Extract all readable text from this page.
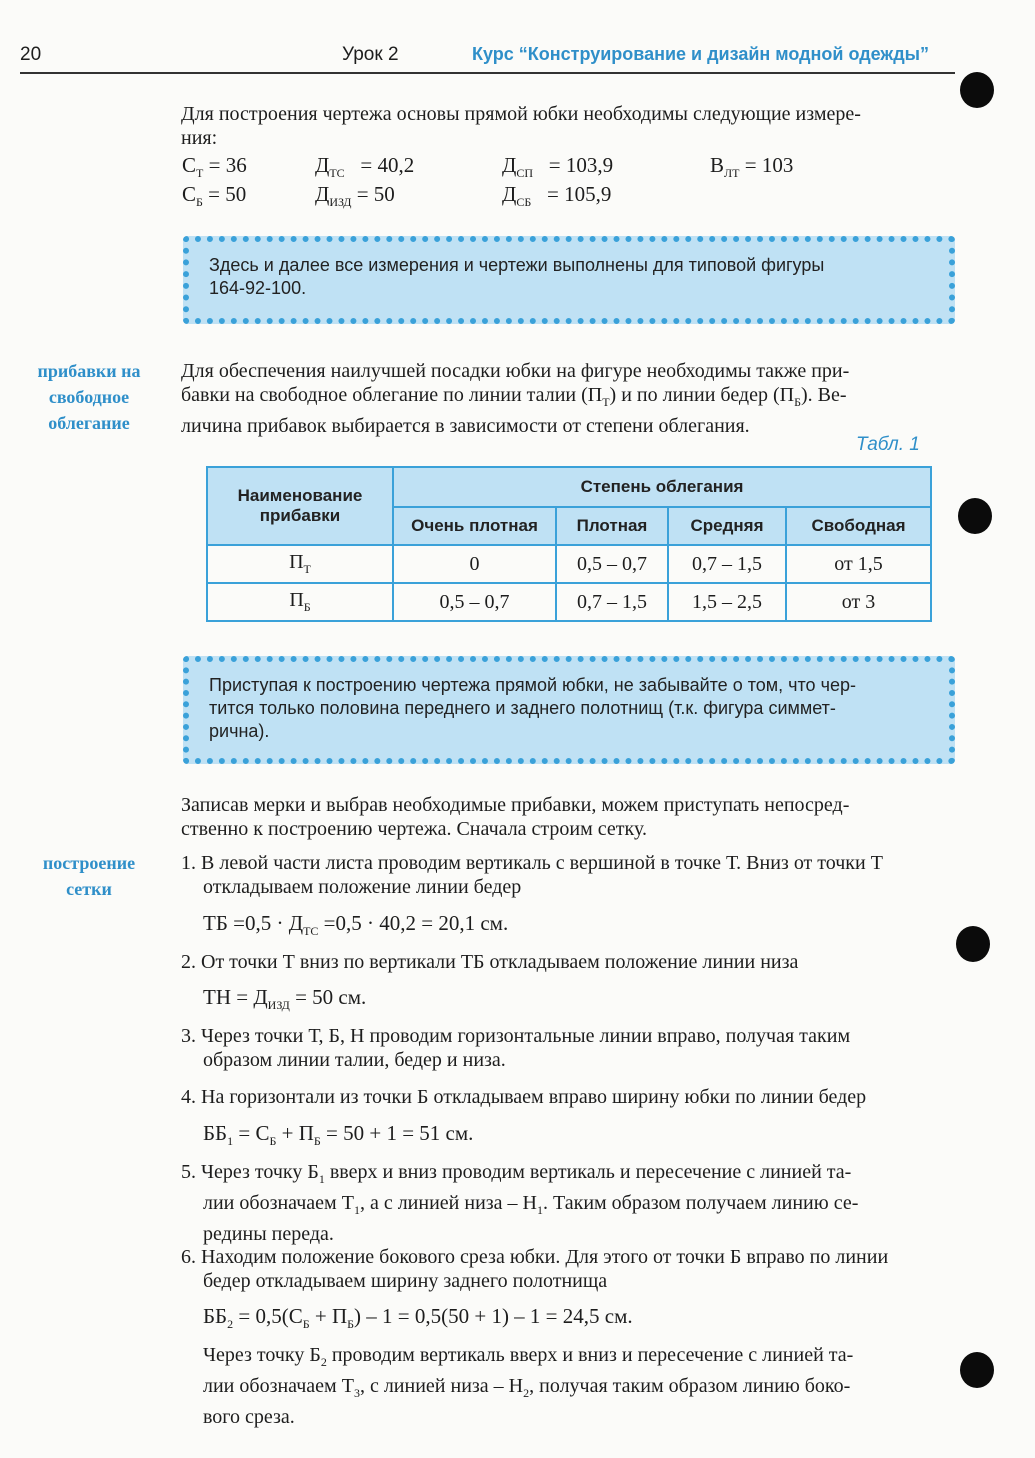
20	Урок 2	Курс “Конструирование и дизайн модной одежды”
Для построения чертежа основы прямой юбки необходимы следующие измере-
ния:
$С_Т = 36$	$Д_{ТС} = 40,2$	$Д_{СП} = 103,9$	$В_{ЛТ} = 103$
$С_Б = 50$	$Д_{ИЗД} = 50$	$Д_{СБ} = 105,9$
Здесь и далее все измерения и чертежи выполнены для типовой фигуры
164-92-100.
прибавки на
свободное
облегание
Для обеспечения наилучшей посадки юбки на фигуре необходимы также при-
бавки на свободное облегание по линии талии $(П_Т)$ и по линии бедер $(П_Б)$. Ве-
личина прибавок выбирается в зависимости от степени облегания.
Табл. 1
Наименование прибавки	Степень облегания			
	Очень плотная	Плотная	Средняя	Свободная
$П_Т$	0	0,5 – 0,7	0,7 – 1,5	от 1,5
$П_Б$	0,5 – 0,7	0,7 – 1,5	1,5 – 2,5	от 3
Приступая к построению чертежа прямой юбки, не забывайте о том, что чер-
тится только половина переднего и заднего полотнищ (т.к. фигура симмет-
рична).
Записав мерки и выбрав необходимые прибавки, можем приступать непосред-
ственно к построению чертежа. Сначала строим сетку.
построение
сетки
1. В левой части листа проводим вертикаль с вершиной в точке Т. Вниз от точки Т
откладываем положение линии бедер
ТБ $=0,5 \cdot Д_{ТС} =0,5 \cdot 40,2 = 20,1$ см.
2. От точки Т вниз по вертикали ТБ откладываем положение линии низа
ТН = $Д_{ИЗД} = 50$ см.
3. Через точки Т, Б, Н проводим горизонтальные линии вправо, получая таким
образом линии талии, бедер и низа.
4. На горизонтали из точки Б откладываем вправо ширину юбки по линии бедер
$ББ_1 = С_Б + П_Б = 50 + 1 = 51$ см.
5. Через точку $Б_1$ вверх и вниз проводим вертикаль и пересечение с линией та-
лии обозначаем $Т_1$, а с линией низа – $Н_1$. Таким образом получаем линию се-
редины переда.
6. Находим положение бокового среза юбки. Для этого от точки Б вправо по линии
бедер откладываем ширину заднего полотнища
$ББ_2 = 0,5(С_Б + П_Б) - 1 = 0,5(50 + 1) - 1 = 24,5$ см.
Через точку $Б_2$ проводим вертикаль вверх и вниз и пересечение с линией та-
лии обозначаем $Т_3$, с линией низа – $Н_2$, получая таким образом линию боко-
вого среза.
